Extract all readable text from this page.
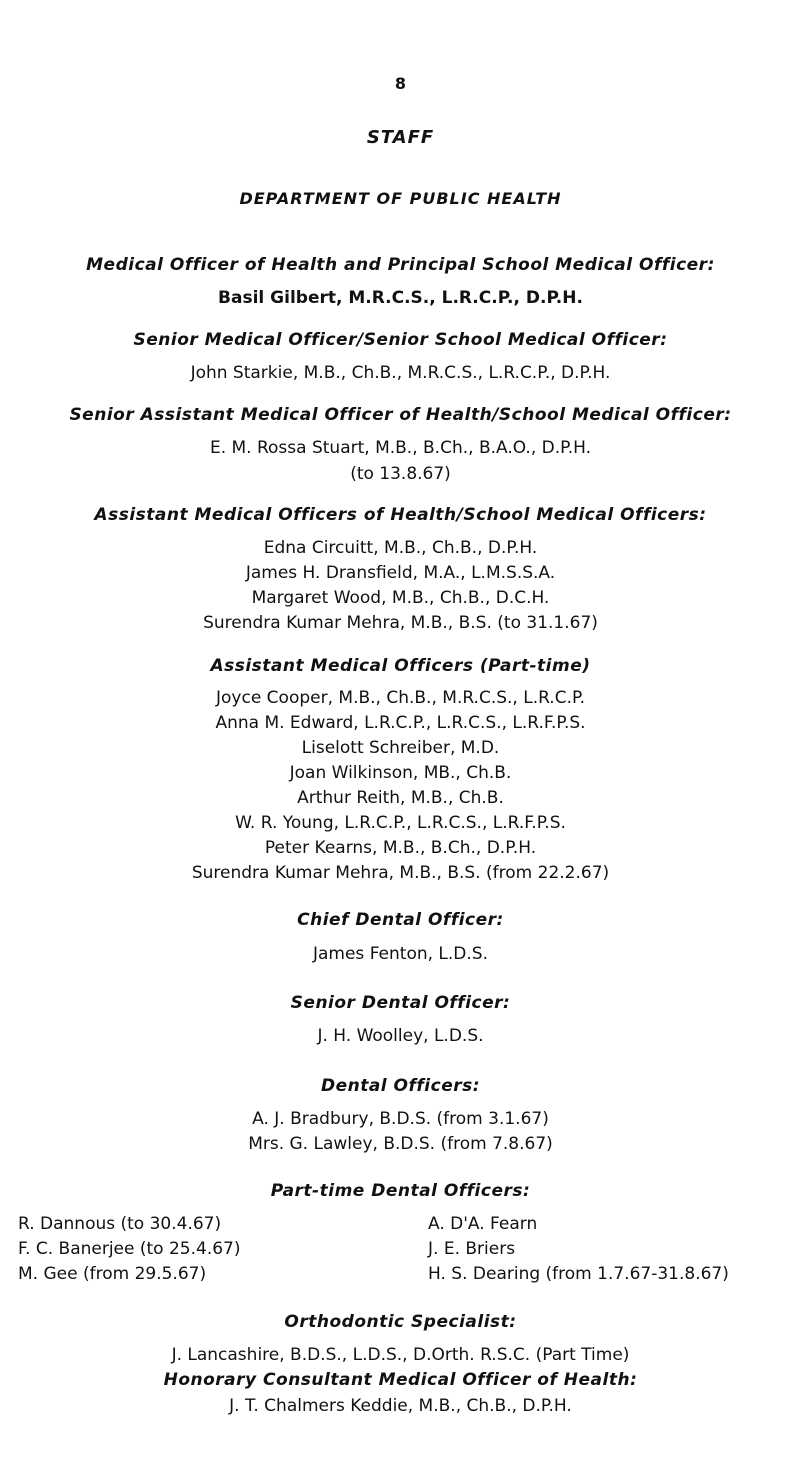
8
STAFF
DEPARTMENT OF PUBLIC HEALTH
Medical Officer of Health and Principal School Medical Officer:
Basil Gilbert, M.R.C.S., L.R.C.P., D.P.H.
Senior Medical Officer/Senior School Medical Officer:
John Starkie, M.B., Ch.B., M.R.C.S., L.R.C.P., D.P.H.
Senior Assistant Medical Officer of Health/School Medical Officer:
E. M. Rossa Stuart, M.B., B.Ch., B.A.O., D.P.H.
(to 13.8.67)
Assistant Medical Officers of Health/School Medical Officers:
Edna Circuitt, M.B., Ch.B., D.P.H.
James H. Dransfield, M.A., L.M.S.S.A.
Margaret Wood, M.B., Ch.B., D.C.H.
Surendra Kumar Mehra, M.B., B.S. (to 31.1.67)
Assistant Medical Officers (Part-time)
Joyce Cooper, M.B., Ch.B., M.R.C.S., L.R.C.P.
Anna M. Edward, L.R.C.P., L.R.C.S., L.R.F.P.S.
Liselott Schreiber, M.D.
Joan Wilkinson, MB., Ch.B.
Arthur Reith, M.B., Ch.B.
W. R. Young, L.R.C.P., L.R.C.S., L.R.F.P.S.
Peter Kearns, M.B., B.Ch., D.P.H.
Surendra Kumar Mehra, M.B., B.S. (from 22.2.67)
Chief Dental Officer:
James Fenton, L.D.S.
Senior Dental Officer:
J. H. Woolley, L.D.S.
Dental Officers:
A. J. Bradbury, B.D.S. (from 3.1.67)
Mrs. G. Lawley, B.D.S. (from 7.8.67)
Part-time Dental Officers:
R. Dannous (to 30.4.67)
F. C. Banerjee (to 25.4.67)
M. Gee (from 29.5.67)
A. D'A. Fearn
J. E. Briers
H. S. Dearing (from 1.7.67-31.8.67)
Orthodontic Specialist:
J. Lancashire, B.D.S., L.D.S., D.Orth. R.S.C. (Part Time)
Honorary Consultant Medical Officer of Health:
J. T. Chalmers Keddie, M.B., Ch.B., D.P.H.
